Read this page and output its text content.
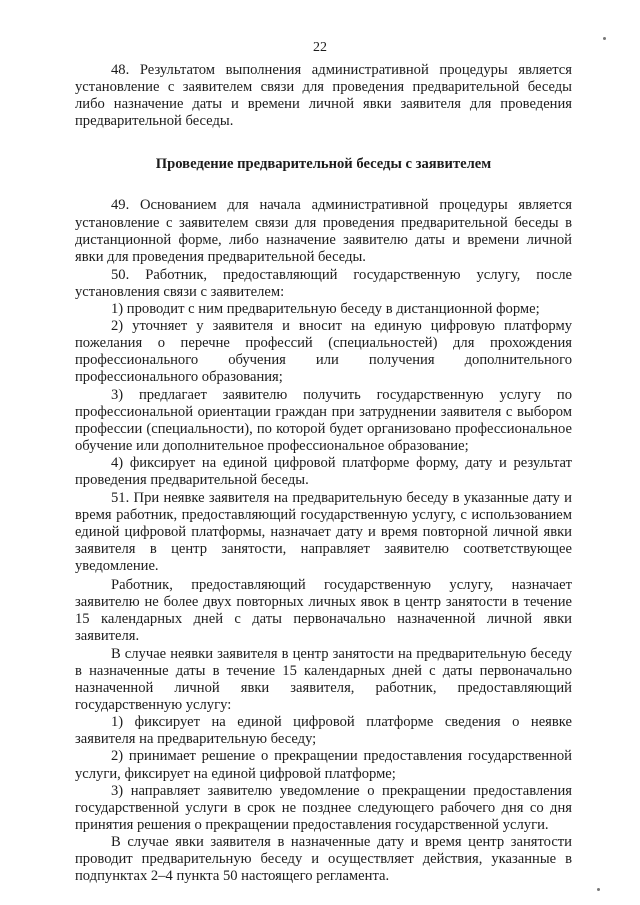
22

48. Результатом выполнения административной процедуры является установление с заявителем связи для проведения предварительной беседы либо назначение даты и времени личной явки заявителя для проведения предварительной беседы.

Проведение предварительной беседы с заявителем

49. Основанием для начала административной процедуры является установление с заявителем связи для проведения предварительной беседы в дистанционной форме, либо назначение заявителю даты и времени личной явки для проведения предварительной беседы.

50. Работник, предоставляющий государственную услугу, после установления связи с заявителем:

1) проводит с ним предварительную беседу в дистанционной форме;

2) уточняет у заявителя и вносит на единую цифровую платформу пожелания о перечне профессий (специальностей) для прохождения профессионального обучения или получения дополнительного профессионального образования;

3) предлагает заявителю получить государственную услугу по профессиональной ориентации граждан при затруднении заявителя с выбором профессии (специальности), по которой будет организовано профессиональное обучение или дополнительное профессиональное образование;

4) фиксирует на единой цифровой платформе форму, дату и результат проведения предварительной беседы.

51. При неявке заявителя на предварительную беседу в указанные дату и время работник, предоставляющий государственную услугу, с использованием единой цифровой платформы, назначает дату и время повторной личной явки заявителя в центр занятости, направляет заявителю соответствующее уведомление.

Работник, предоставляющий государственную услугу, назначает заявителю не более двух повторных личных явок в центр занятости в течение 15 календарных дней с даты первоначально назначенной личной явки заявителя.

В случае неявки заявителя в центр занятости на предварительную беседу в назначенные даты в течение 15 календарных дней с даты первоначально назначенной личной явки заявителя, работник, предоставляющий государственную услугу:

1) фиксирует на единой цифровой платформе сведения о неявке заявителя на предварительную беседу;

2) принимает решение о прекращении предоставления государственной услуги, фиксирует на единой цифровой платформе;

3) направляет заявителю уведомление о прекращении предоставления государственной услуги в срок не позднее следующего рабочего дня со дня принятия решения о прекращении предоставления государственной услуги.

В случае явки заявителя в назначенные дату и время центр занятости проводит предварительную беседу и осуществляет действия, указанные в подпунктах 2–4 пункта 50 настоящего регламента.
